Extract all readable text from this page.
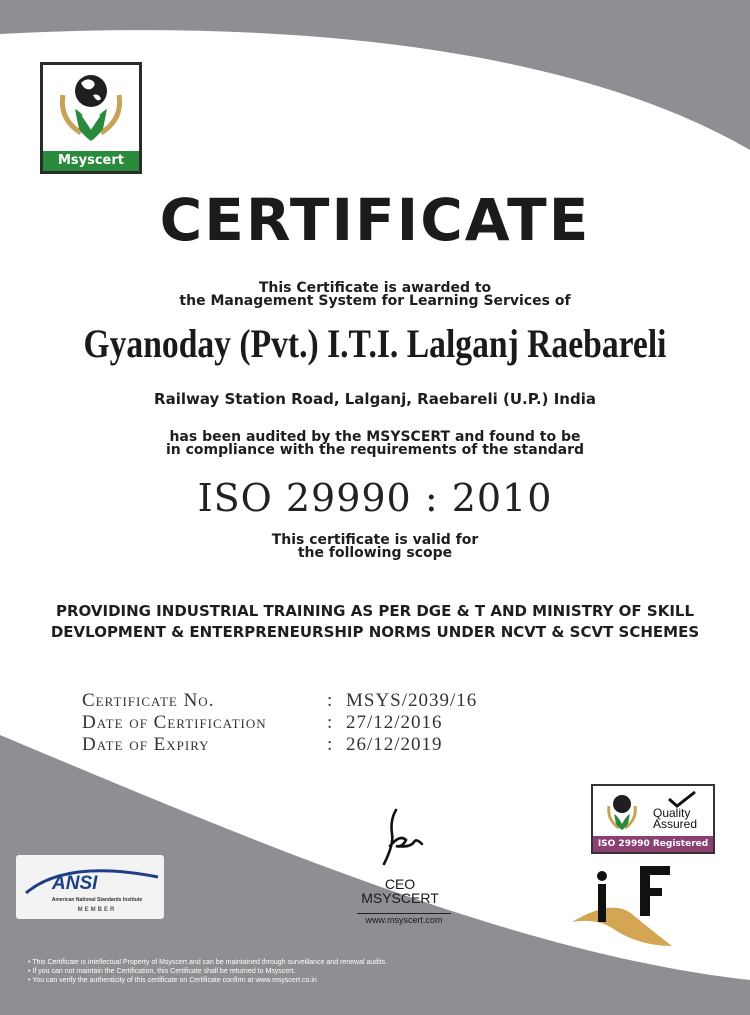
Msyscert
CERTIFICATE
This Certificate is awarded to
the Management System for Learning Services of
Gyanoday (Pvt.) I.T.I. Lalganj Raebareli
Railway Station Road, Lalganj, Raebareli (U.P.) India
has been audited by the MSYSCERT and found to be
in compliance with the requirements of the standard
ISO 29990 : 2010
This certificate is valid for
the following scope
PROVIDING INDUSTRIAL TRAINING AS PER DGE & T AND MINISTRY OF SKILL
DEVLOPMENT & ENTERPRENEURSHIP NORMS UNDER NCVT & SCVT SCHEMES
Certificate No.	: MSYS/2039/16
Date of Certification	: 27/12/2016
Date of Expiry	: 26/12/2019
CEO
MSYSCERT
www.msyscert.com
ANSI
American National Standards Institute
MEMBER
Quality
Assured
ISO 29990 Registered
• This Certificate is intellectual Property of Msyscert and can be maintained through surveillance and renewal audits.
• If you can not maintain the Certification, this Certificate shall be returned to Msyscert.
• You can verify the authenticity of this certificate on Certificate confirm at www.msyscert.co.in
